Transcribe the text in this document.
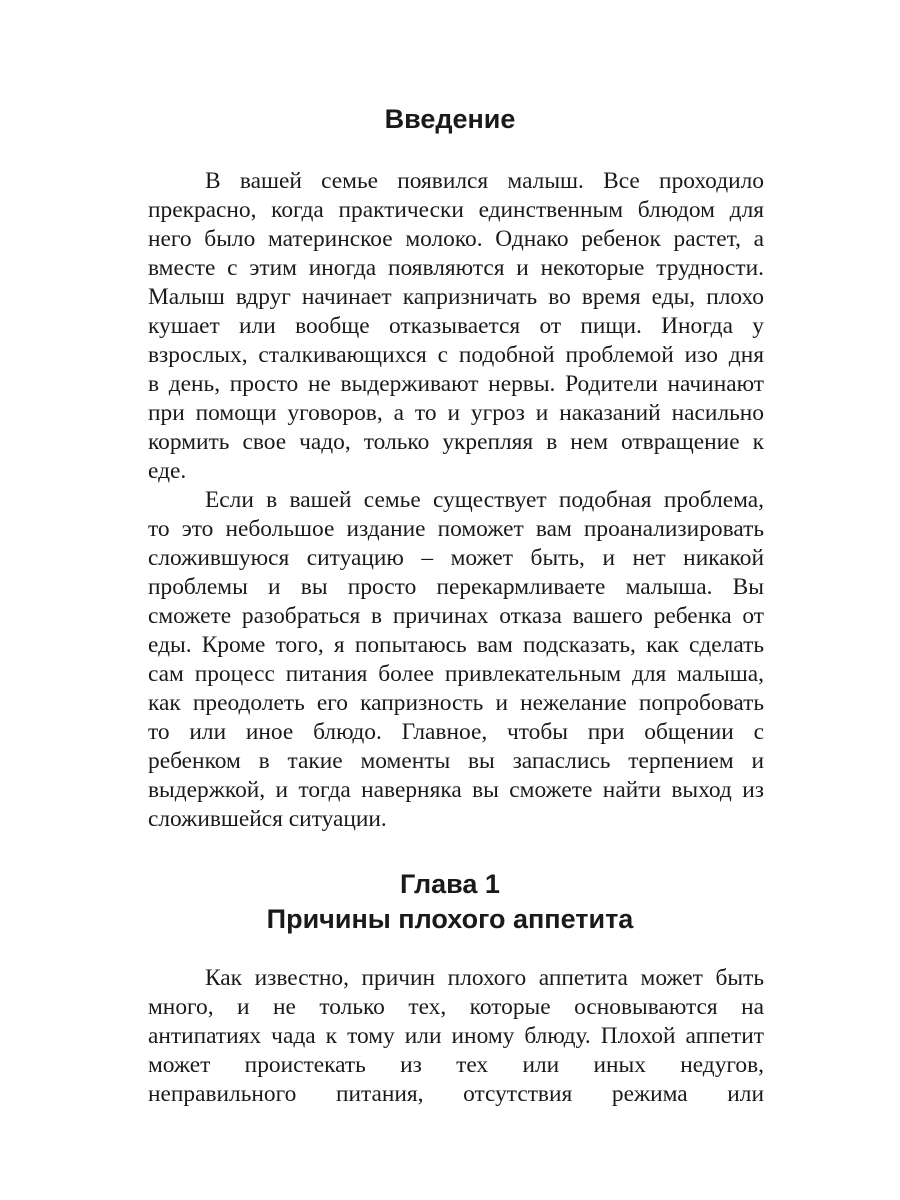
Введение
В вашей семье появился малыш. Все проходило
прекрасно, когда практически единственным блюдом для
него было материнское молоко. Однако ребенок растет, а
вместе с этим иногда появляются и некоторые трудности.
Малыш вдруг начинает капризничать во время еды, плохо
кушает или вообще отказывается от пищи. Иногда у
взрослых, сталкивающихся с подобной проблемой изо дня
в день, просто не выдерживают нервы. Родители начинают
при помощи уговоров, а то и угроз и наказаний насильно
кормить свое чадо, только укрепляя в нем отвращение к
еде.
Если в вашей семье существует подобная проблема,
то это небольшое издание поможет вам проанализировать
сложившуюся ситуацию – может быть, и нет никакой
проблемы и вы просто перекармливаете малыша. Вы
сможете разобраться в причинах отказа вашего ребенка от
еды. Кроме того, я попытаюсь вам подсказать, как сделать
сам процесс питания более привлекательным для малыша,
как преодолеть его капризность и нежелание попробовать
то или иное блюдо. Главное, чтобы при общении с
ребенком в такие моменты вы запаслись терпением и
выдержкой, и тогда наверняка вы сможете найти выход из
сложившейся ситуации.
Глава 1
Причины плохого аппетита
Как известно, причин плохого аппетита может быть
много, и не только тех, которые основываются на
антипатиях чада к тому или иному блюду. Плохой аппетит
может проистекать из тех или иных недугов,
неправильного питания, отсутствия режима или
